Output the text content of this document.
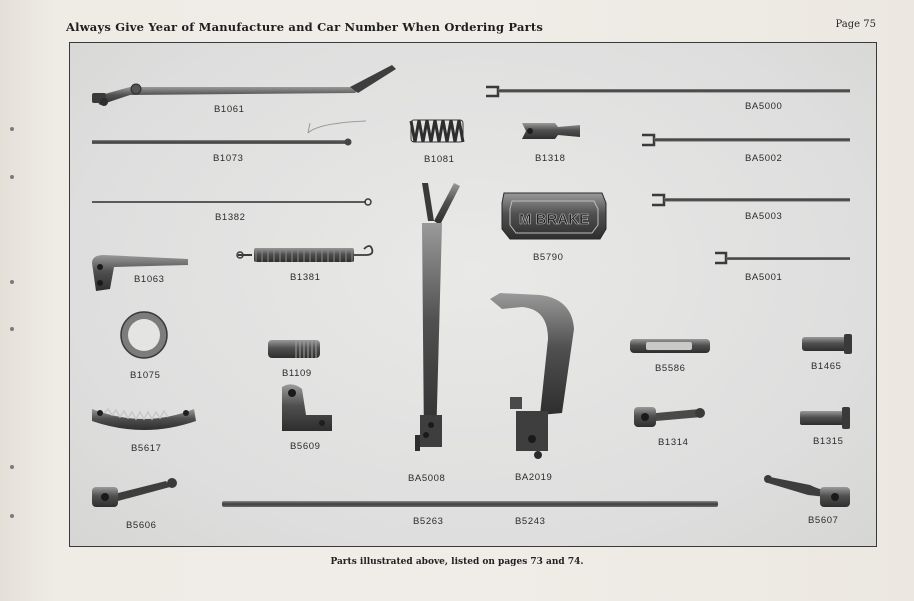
Always Give Year of Manufacture and Car Number When Ordering Parts	Page 75
M BRAKE
B1061
B1073	B1081	B1318
BA5000
BA5002
B1382
B5790
BA5003
B1063	B1381	BA5001
B1075	B1109	B5586	B1465
B5617	B5609	B1314	B1315
BA5008	BA2019
B5606	B5263	B5243	B5607
Parts illustrated above, listed on pages 73 and 74.
